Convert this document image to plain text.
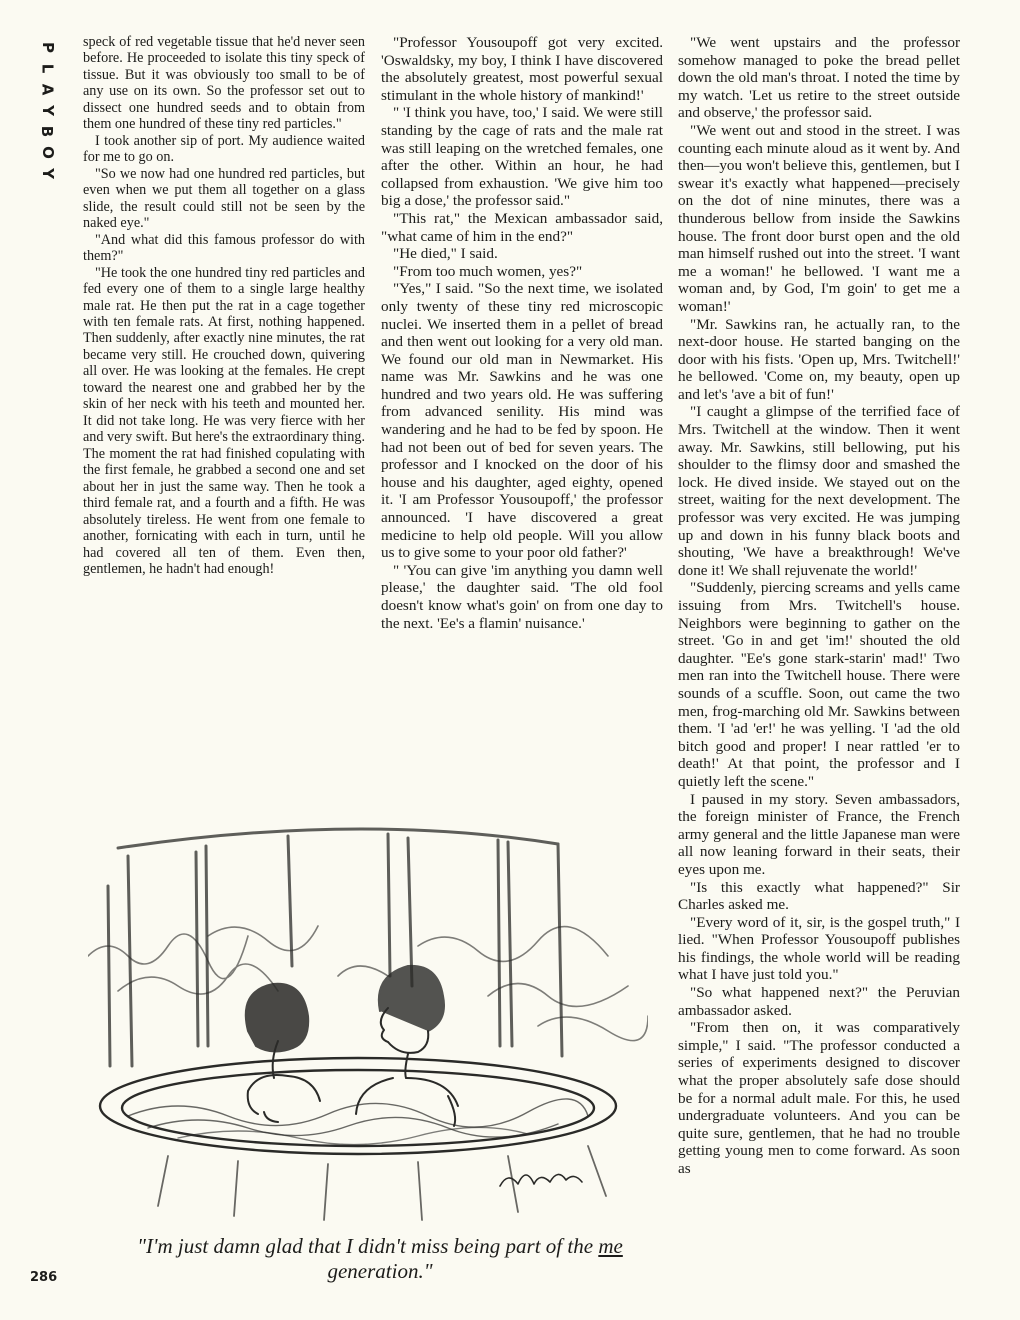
P
L
A
Y
B
O
Y

speck of red vegetable tissue that he'd never seen before. He proceeded to isolate this tiny speck of tissue. But it was obviously too small to be of any use on its own. So the professor set out to dissect one hundred seeds and to obtain from them one hundred of these tiny red particles."

I took another sip of port. My audience waited for me to go on.

"So we now had one hundred red particles, but even when we put them all together on a glass slide, the result could still not be seen by the naked eye."

"And what did this famous professor do with them?"

"He took the one hundred tiny red particles and fed every one of them to a single large healthy male rat. He then put the rat in a cage together with ten female rats. At first, nothing happened. Then suddenly, after exactly nine minutes, the rat became very still. He crouched down, quivering all over. He was looking at the females. He crept toward the nearest one and grabbed her by the skin of her neck with his teeth and mounted her. It did not take long. He was very fierce with her and very swift. But here's the extraordinary thing. The moment the rat had finished copulating with the first female, he grabbed a second one and set about her in just the same way. Then he took a third female rat, and a fourth and a fifth. He was absolutely tireless. He went from one female to another, fornicating with each in turn, until he had covered all ten of them. Even then, gentlemen, he hadn't had enough!

"Professor Yousoupoff got very excited. 'Oswaldsky, my boy, I think I have discovered the absolutely greatest, most powerful sexual stimulant in the whole history of mankind!'

" 'I think you have, too,' I said. We were still standing by the cage of rats and the male rat was still leaping on the wretched females, one after the other. Within an hour, he had collapsed from exhaustion. 'We give him too big a dose,' the professor said."

"This rat," the Mexican ambassador said, "what came of him in the end?"

"He died," I said.

"From too much women, yes?"

"Yes," I said. "So the next time, we isolated only twenty of these tiny red microscopic nuclei. We inserted them in a pellet of bread and then went out looking for a very old man. We found our old man in Newmarket. His name was Mr. Sawkins and he was one hundred and two years old. He was suffering from advanced senility. His mind was wandering and he had to be fed by spoon. He had not been out of bed for seven years. The professor and I knocked on the door of his house and his daughter, aged eighty, opened it. 'I am Professor Yousoupoff,' the professor announced. 'I have discovered a great medicine to help old people. Will you allow us to give some to your poor old father?'

" 'You can give 'im anything you damn well please,' the daughter said. 'The old fool doesn't know what's goin' on from one day to the next. 'Ee's a flamin' nuisance.'

"We went upstairs and the professor somehow managed to poke the bread pellet down the old man's throat. I noted the time by my watch. 'Let us retire to the street outside and observe,' the professor said.

"We went out and stood in the street. I was counting each minute aloud as it went by. And then—you won't believe this, gentlemen, but I swear it's exactly what happened—precisely on the dot of nine minutes, there was a thunderous bellow from inside the Sawkins house. The front door burst open and the old man himself rushed out into the street. 'I want me a woman!' he bellowed. 'I want me a woman and, by God, I'm goin' to get me a woman!'

"Mr. Sawkins ran, he actually ran, to the next-door house. He started banging on the door with his fists. 'Open up, Mrs. Twitchell!' he bellowed. 'Come on, my beauty, open up and let's 'ave a bit of fun!'

"I caught a glimpse of the terrified face of Mrs. Twitchell at the window. Then it went away. Mr. Sawkins, still bellowing, put his shoulder to the flimsy door and smashed the lock. He dived inside. We stayed out on the street, waiting for the next development. The professor was very excited. He was jumping up and down in his funny black boots and shouting, 'We have a breakthrough! We've done it! We shall rejuvenate the world!'

"Suddenly, piercing screams and yells came issuing from Mrs. Twitchell's house. Neighbors were beginning to gather on the street. 'Go in and get 'im!' shouted the old daughter. ''Ee's gone stark-starin' mad!' Two men ran into the Twitchell house. There were sounds of a scuffle. Soon, out came the two men, frog-marching old Mr. Sawkins between them. 'I 'ad 'er!' he was yelling. 'I 'ad the old bitch good and proper! I near rattled 'er to death!' At that point, the professor and I quietly left the scene."

I paused in my story. Seven ambassadors, the foreign minister of France, the French army general and the little Japanese man were all now leaning forward in their seats, their eyes upon me.

"Is this exactly what happened?" Sir Charles asked me.

"Every word of it, sir, is the gospel truth," I lied. "When Professor Yousoupoff publishes his findings, the whole world will be reading what I have just told you."

"So what happened next?" the Peruvian ambassador asked.

"From then on, it was comparatively simple," I said. "The professor conducted a series of experiments designed to discover what the proper absolutely safe dose should be for a normal adult male. For this, he used undergraduate volunteers. And you can be quite sure, gentlemen, that he had no trouble getting young men to come forward. As soon as

"I'm just damn glad that I didn't miss being part of the me generation."
286
